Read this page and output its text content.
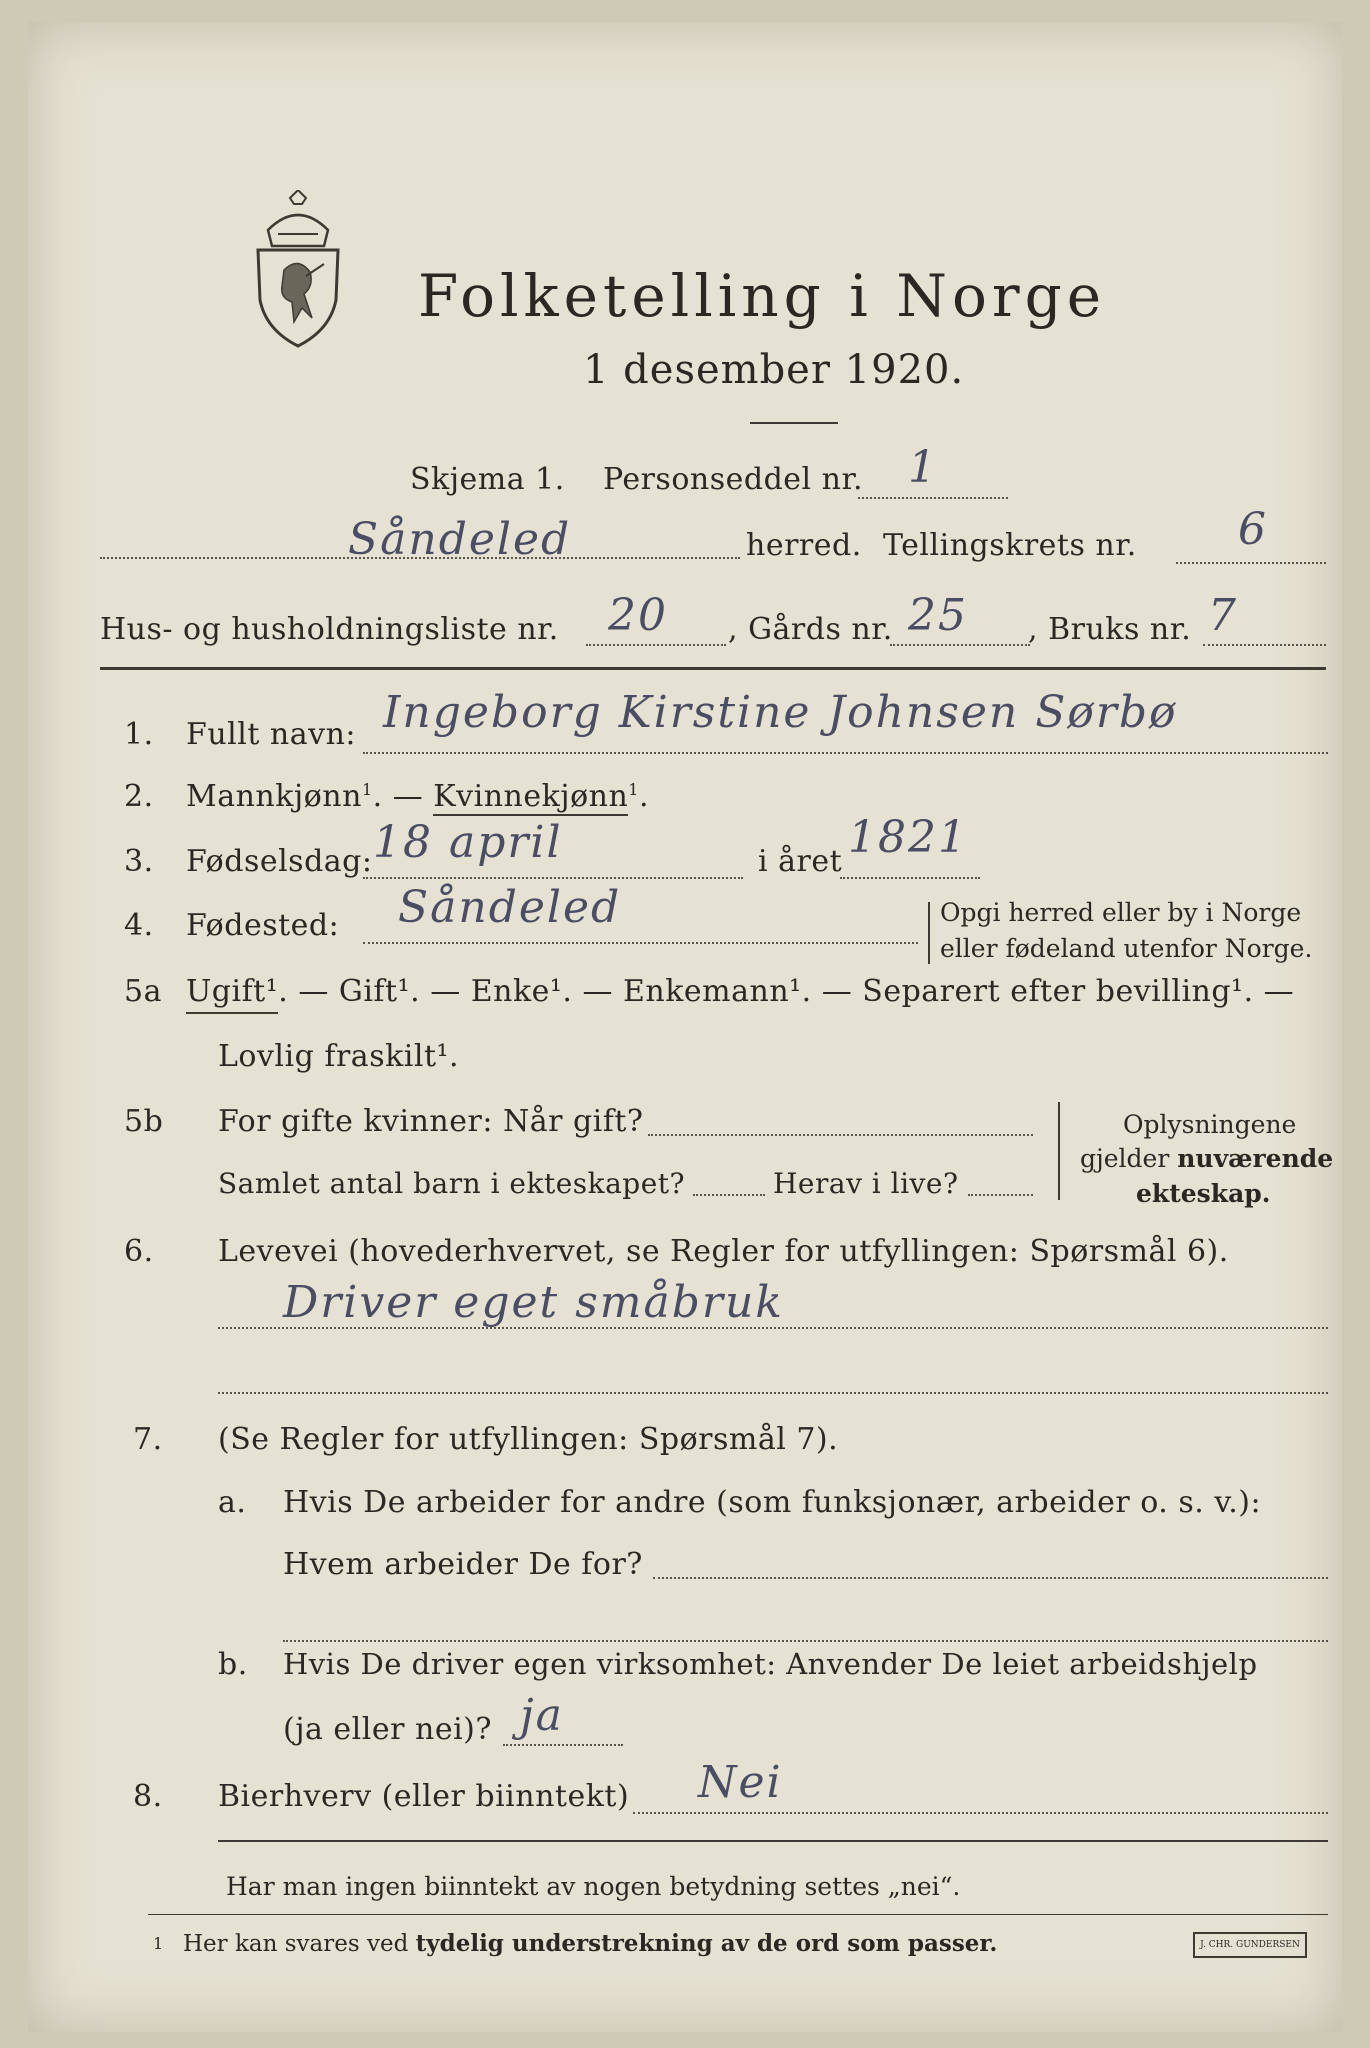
Folketelling i Norge
1 desember 1920.
Skjema 1. Personseddel nr. 1
Såndeled	herred. Tellingskrets nr. 6
Hus- og husholdningsliste nr. 20 , Gårds nr. 25 , Bruks nr. 7
1. Fullt navn: Ingeborg Kirstine Johnsen Sørbø
2. Mannkjønn$^1$. — Kvinnekjønn$^1$.
3. Fødselsdag: 18 april	i året 1821
4. Fødested: Såndeled	Opgi herred eller by i Norge
eller fødeland utenfor Norge.
5a Ugift¹. — Gift¹. — Enke¹. — Enkemann¹. — Separert efter bevilling¹. —
Lovlig fraskilt¹.
5b For gifte kvinner: Når gift?
Samlet antal barn i ekteskapet?	Herav i live?
Oplysningene
gjelder nuværende
ekteskap.
6. Levevei (hovederhvervet, se Regler for utfyllingen: Spørsmål 6).
Driver eget småbruk
7. (Se Regler for utfyllingen: Spørsmål 7).
a. Hvis De arbeider for andre (som funksjonær, arbeider o. s. v.):
Hvem arbeider De for?
b. Hvis De driver egen virksomhet: Anvender De leiet arbeidshjelp
(ja eller nei)? ja
8. Bierhverv (eller biinntekt) Nei
Har man ingen biinntekt av nogen betydning settes „nei“.
1 Her kan svares ved tydelig understrekning av de ord som passer.	J. CHR. GUNDERSEN
